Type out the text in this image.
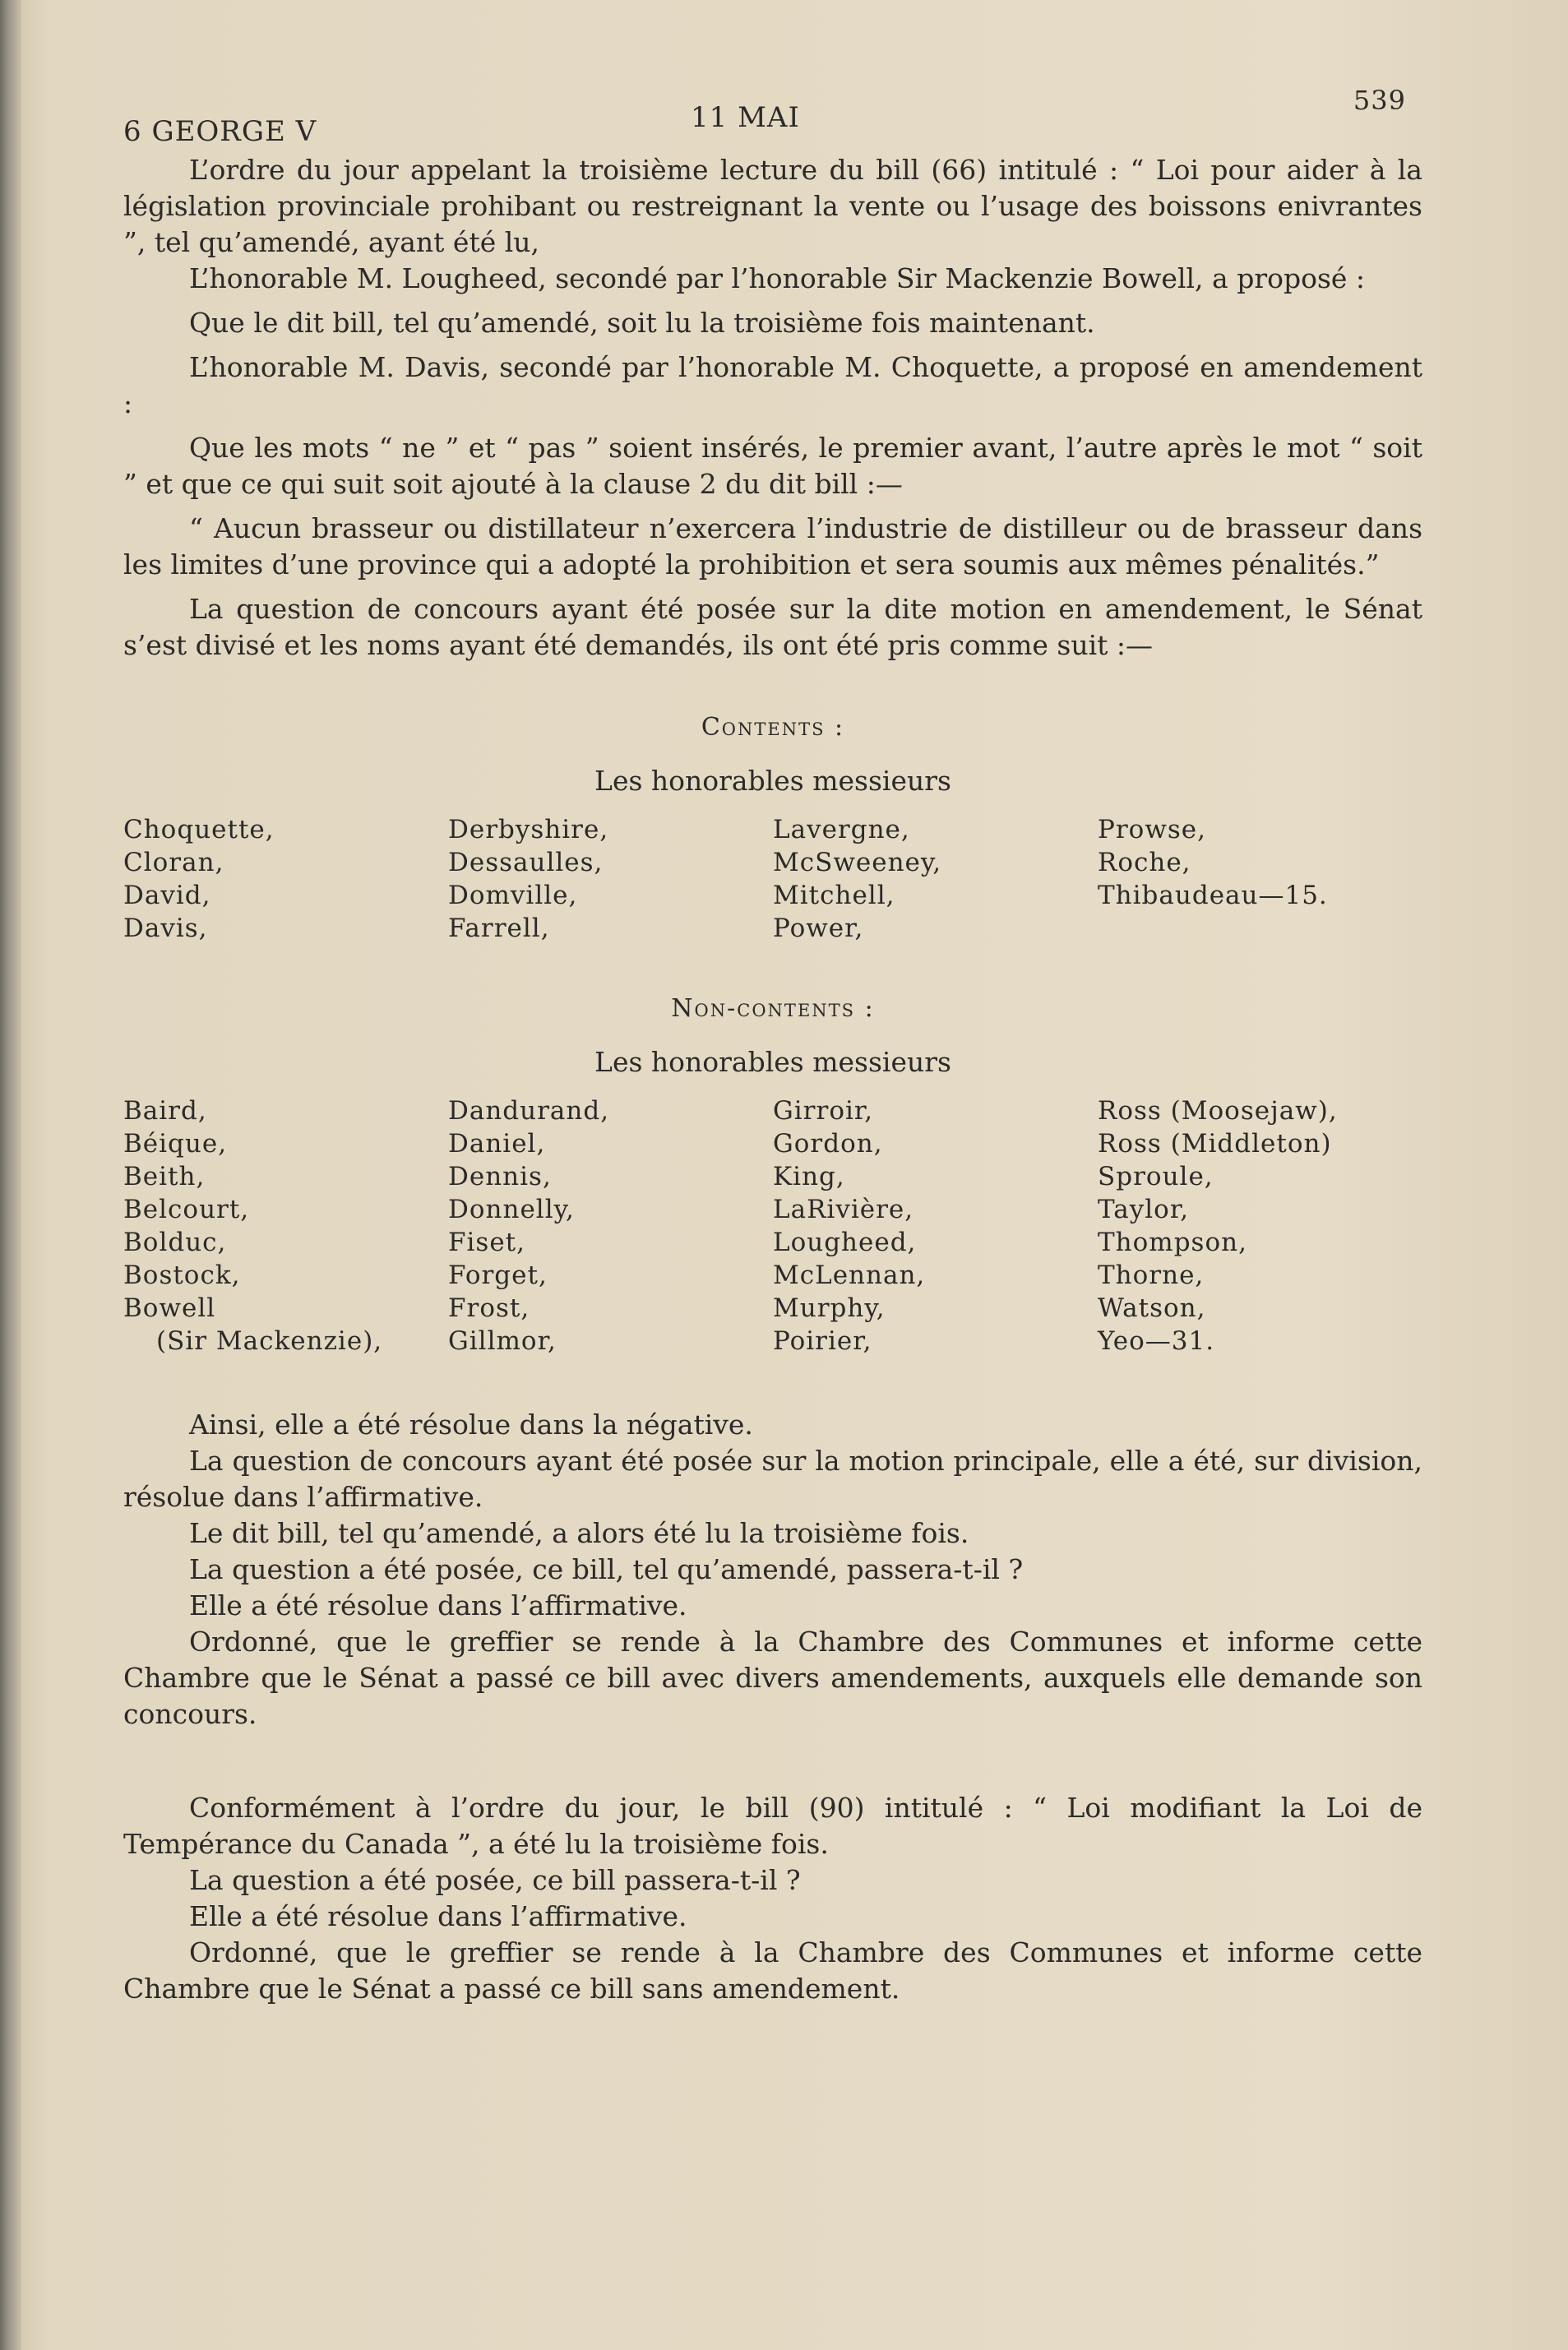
6 GEORGE V	11 MAI
539

L’ordre du jour appelant la troisième lecture du bill (66) intitulé : “ Loi pour aider à la législation provinciale prohibant ou restreignant la vente ou l’usage des boissons enivrantes ”, tel qu’amendé, ayant été lu,

L’honorable M. Lougheed, secondé par l’honorable Sir Mackenzie Bowell, a proposé :

Que le dit bill, tel qu’amendé, soit lu la troisième fois maintenant.

L’honorable M. Davis, secondé par l’honorable M. Choquette, a proposé en amendement :

Que les mots “ ne ” et “ pas ” soient insérés, le premier avant, l’autre après le mot “ soit ” et que ce qui suit soit ajouté à la clause 2 du dit bill :—

“ Aucun brasseur ou distillateur n’exercera l’industrie de distilleur ou de brasseur dans les limites d’une province qui a adopté la prohibition et sera soumis aux mêmes pénalités.”

La question de concours ayant été posée sur la dite motion en amendement, le Sénat s’est divisé et les noms ayant été demandés, ils ont été pris comme suit :—

Contents :
Les honorables messieurs
Choquette,
Cloran,
David,
Davis,
Derbyshire,
Dessaulles,
Domville,
Farrell,
Lavergne,
McSweeney,
Mitchell,
Power,
Prowse,
Roche,
Thibaudeau—15.
Non-contents :
Les honorables messieurs
Baird,
Béique,
Beith,
Belcourt,
Bolduc,
Bostock,
Bowell
(Sir Mackenzie),
Dandurand,
Daniel,
Dennis,
Donnelly,
Fiset,
Forget,
Frost,
Gillmor,
Girroir,
Gordon,
King,
LaRivière,
Lougheed,
McLennan,
Murphy,
Poirier,
Ross (Moosejaw),
Ross (Middleton)
Sproule,
Taylor,
Thompson,
Thorne,
Watson,
Yeo—31.

Ainsi, elle a été résolue dans la négative.

La question de concours ayant été posée sur la motion principale, elle a été, sur division, résolue dans l’affirmative.

Le dit bill, tel qu’amendé, a alors été lu la troisième fois.

La question a été posée, ce bill, tel qu’amendé, passera-t-il ?

Elle a été résolue dans l’affirmative.

Ordonné, que le greffier se rende à la Chambre des Communes et informe cette Chambre que le Sénat a passé ce bill avec divers amendements, auxquels elle demande son concours.

Conformément à l’ordre du jour, le bill (90) intitulé : “ Loi modifiant la Loi de Tempérance du Canada ”, a été lu la troisième fois.

La question a été posée, ce bill passera-t-il ?

Elle a été résolue dans l’affirmative.

Ordonné, que le greffier se rende à la Chambre des Communes et informe cette Chambre que le Sénat a passé ce bill sans amendement.
